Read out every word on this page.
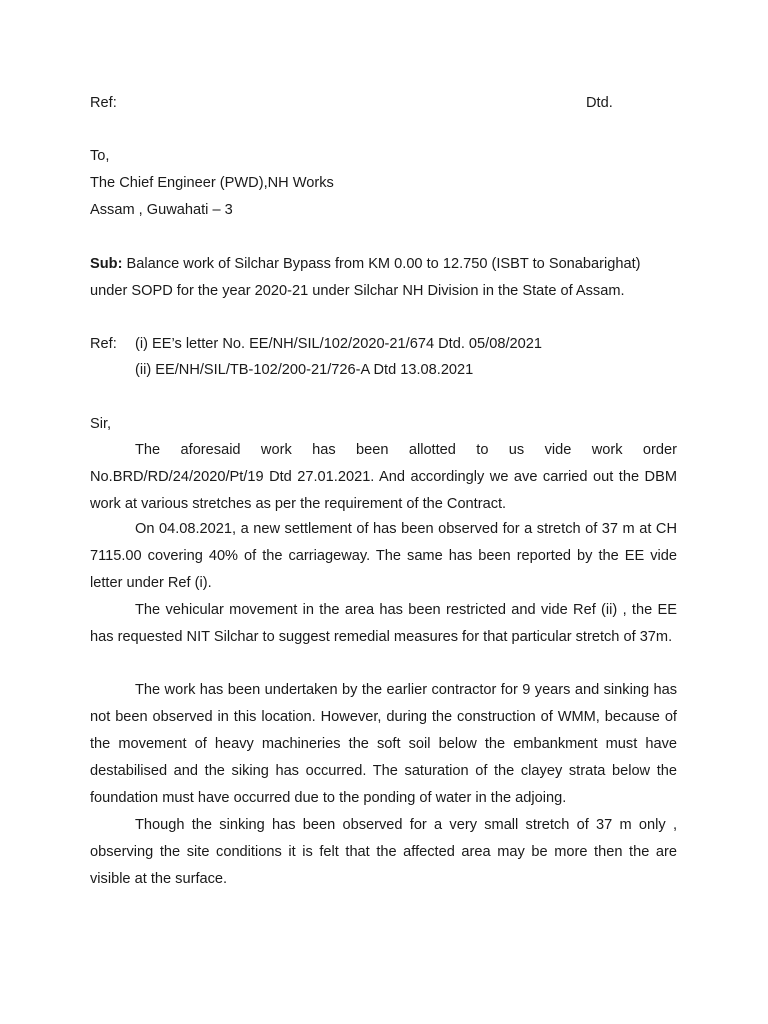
Ref:	Dtd.
To,
The Chief Engineer (PWD),NH Works
Assam , Guwahati – 3
Sub: Balance work of Silchar Bypass from KM 0.00 to 12.750 (ISBT to Sonabarighat)
under SOPD for the year 2020-21 under Silchar NH Division in the State of Assam.
Ref: (i) EE’s letter No. EE/NH/SIL/102/2020-21/674 Dtd. 05/08/2021
(ii) EE/NH/SIL/TB-102/200-21/726-A Dtd 13.08.2021
Sir,

The aforesaid work has been allotted to us vide work order No.BRD/RD/24/2020/Pt/19 Dtd 27.01.2021. And accordingly we ave carried out the DBM work at various stretches as per the requirement of the Contract.

On 04.08.2021, a new settlement of has been observed for a stretch of 37 m at CH 7115.00 covering 40% of the carriageway. The same has been reported by the EE vide letter under Ref (i).

The vehicular movement in the area has been restricted and vide Ref (ii) , the EE has requested NIT Silchar to suggest remedial measures for that particular stretch of 37m.

The work has been undertaken by the earlier contractor for 9 years and sinking has not been observed in this location. However, during the construction of WMM, because of the movement of heavy machineries the soft soil below the embankment must have destabilised and the siking has occurred. The saturation of the clayey strata below the foundation must have occurred due to the ponding of water in the adjoing.

Though the sinking has been observed for a very small stretch of 37 m only , observing the site conditions it is felt that the affected area may be more then the are visible at the surface.
